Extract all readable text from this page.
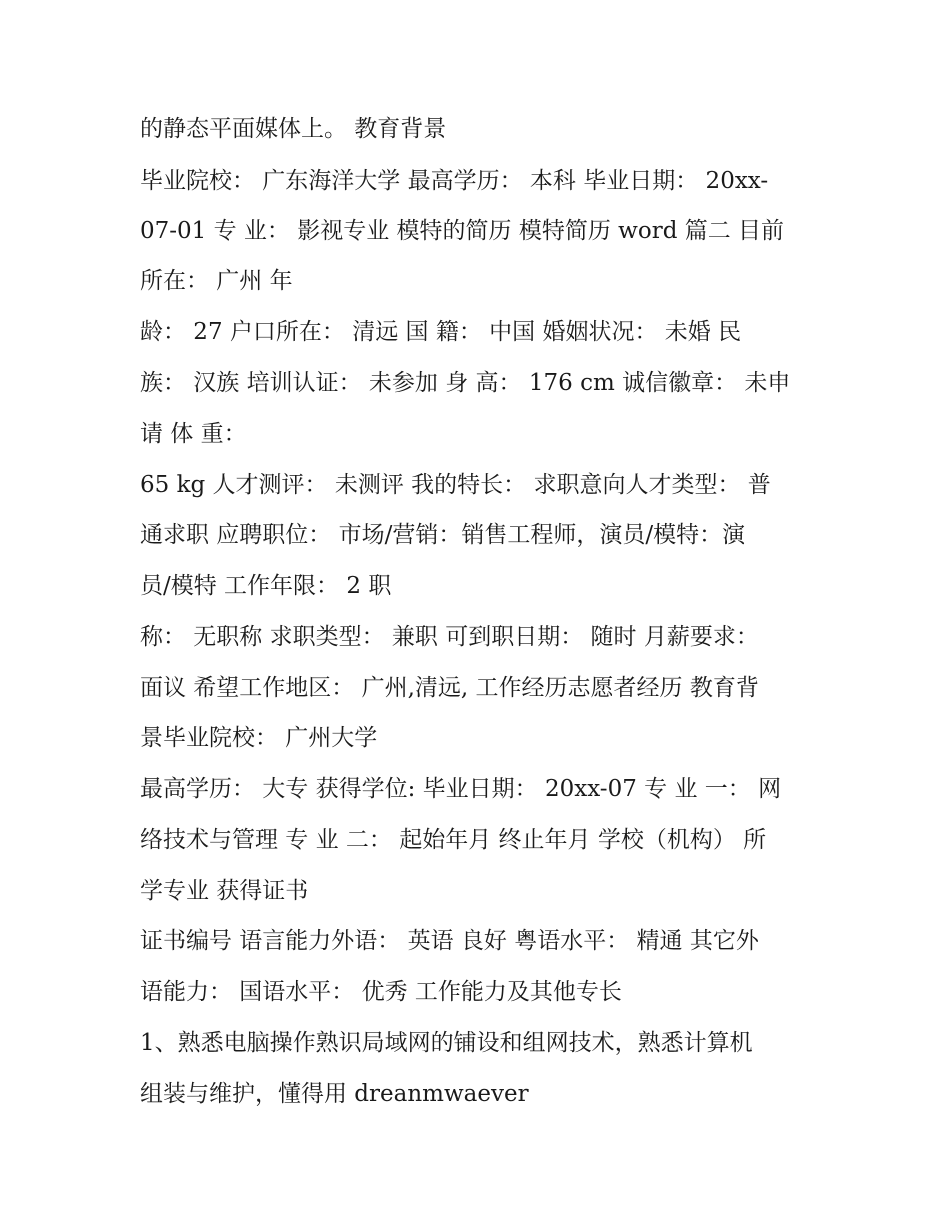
的静态平面媒体上。 教育背景
毕业院校： 广东海洋大学 最高学历： 本科 毕业日期： 20xx-
07-01 专 业： 影视专业 模特的简历 模特简历 word 篇二 目前
所在： 广州 年
龄： 27 户口所在： 清远 国 籍： 中国 婚姻状况： 未婚 民
族： 汉族 培训认证： 未参加 身 高： 176 cm 诚信徽章： 未申
请 体 重：
65 kg 人才测评： 未测评 我的特长： 求职意向人才类型： 普
通求职 应聘职位： 市场/营销：销售工程师，演员/模特：演
员/模特 工作年限： 2 职
称： 无职称 求职类型： 兼职 可到职日期： 随时 月薪要求：
面议 希望工作地区： 广州,清远, 工作经历志愿者经历 教育背
景毕业院校： 广州大学
最高学历： 大专 获得学位: 毕业日期： 20xx-07 专 业 一： 网
络技术与管理 专 业 二： 起始年月 终止年月 学校（机构） 所
学专业 获得证书
证书编号 语言能力外语： 英语 良好 粤语水平： 精通 其它外
语能力： 国语水平： 优秀 工作能力及其他专长
1、熟悉电脑操作熟识局域网的铺设和组网技术，熟悉计算机
组装与维护，懂得用 dreanmwaever
